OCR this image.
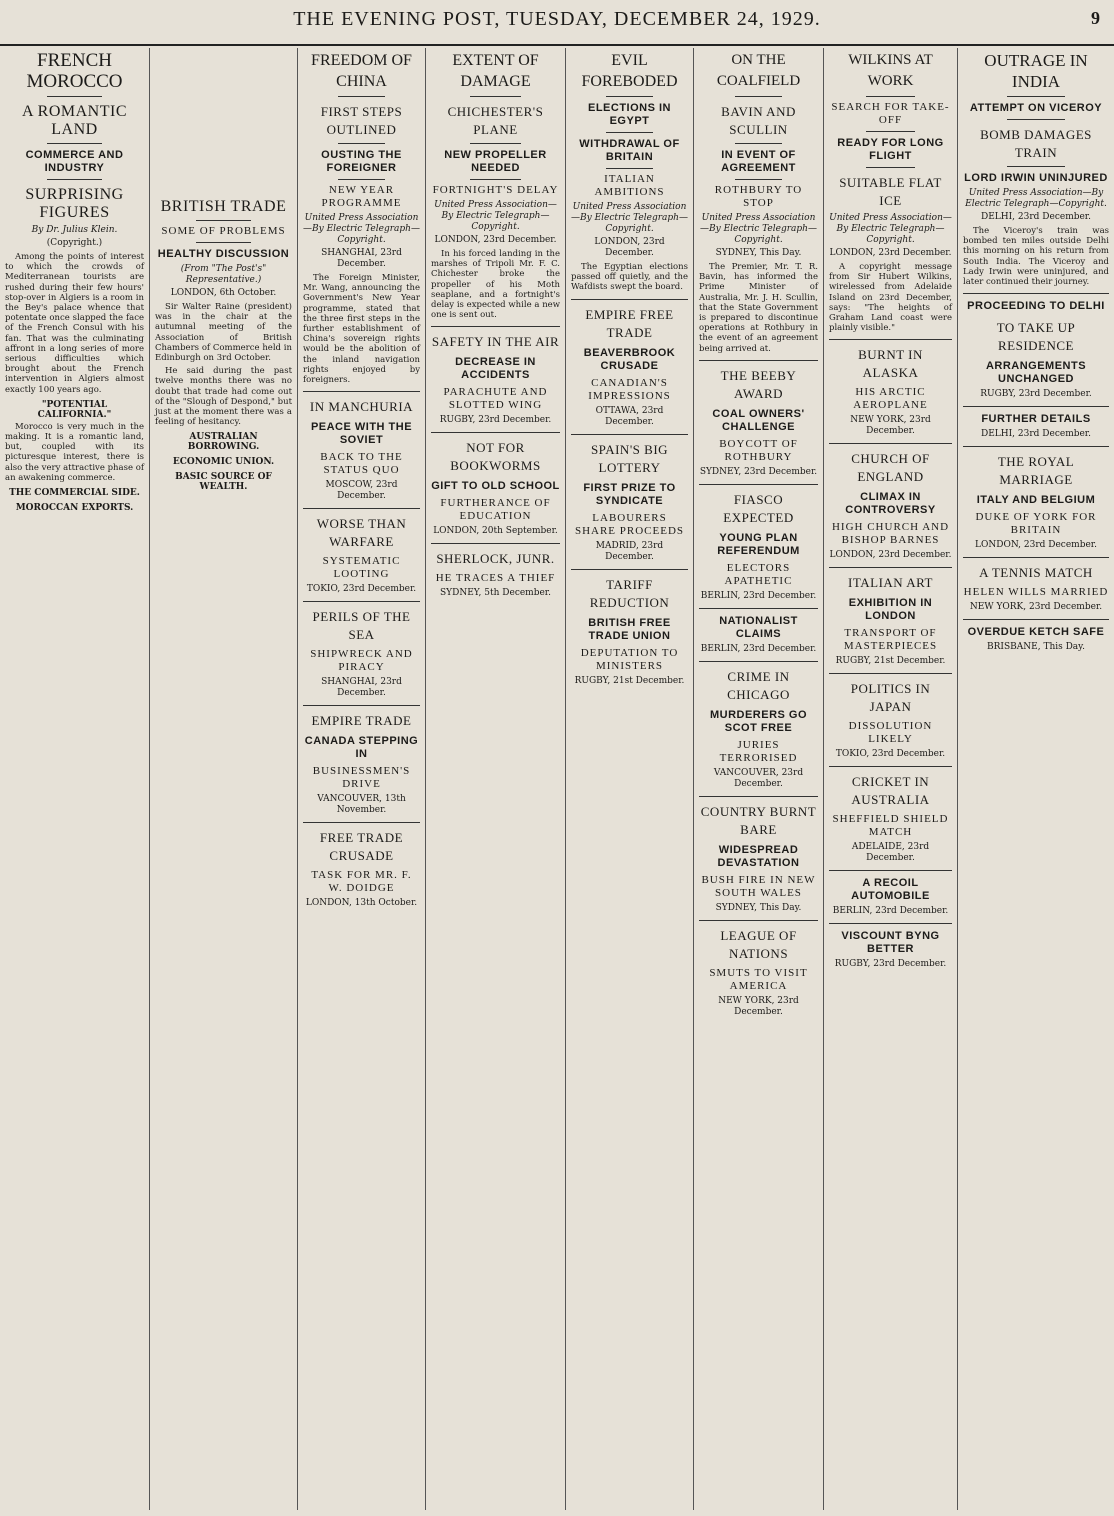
THE EVENING POST, TUESDAY, DECEMBER 24, 1929.	9
FRENCH MOROCCO
A ROMANTIC LAND
COMMERCE AND INDUSTRY
SURPRISING FIGURES
By Dr. Julius Klein.
(Copyright.)

Among the points of interest to which the crowds of Mediterranean tourists are rushed during their few hours' stop-over in Algiers is a room in the Bey's palace whence that potentate once slapped the face of the French Consul with his fan. That was the culminating affront in a long series of more serious difficulties which brought about the French intervention in Algiers almost exactly 100 years ago.

"POTENTIAL CALIFORNIA."

Morocco is very much in the making. It is a romantic land, but, coupled with its picturesque interest, there is also the very attractive phase of an awakening commerce.

THE COMMERCIAL SIDE.
MOROCCAN EXPORTS.
BRITISH TRADE
SOME OF PROBLEMS
HEALTHY DISCUSSION
(From "The Post's" Representative.)
LONDON, 6th October.

Sir Walter Raine (president) was in the chair at the autumnal meeting of the Association of British Chambers of Commerce held in Edinburgh on 3rd October.

He said during the past twelve months there was no doubt that trade had come out of the "Slough of Despond," but just at the moment there was a feeling of hesitancy.

AUSTRALIAN BORROWING.
ECONOMIC UNION.
BASIC SOURCE OF WEALTH.
FREEDOM OF CHINA
FIRST STEPS OUTLINED
OUSTING THE FOREIGNER
NEW YEAR PROGRAMME
United Press Association—By Electric Telegraph—Copyright.
SHANGHAI, 23rd December.

The Foreign Minister, Mr. Wang, announcing the Government's New Year programme, stated that the three first steps in the further establishment of China's sovereign rights would be the abolition of the inland navigation rights enjoyed by foreigners.

IN MANCHURIA
PEACE WITH THE SOVIET
BACK TO THE STATUS QUO
MOSCOW, 23rd December.
WORSE THAN WARFARE
SYSTEMATIC LOOTING
TOKIO, 23rd December.
PERILS OF THE SEA
SHIPWRECK AND PIRACY
SHANGHAI, 23rd December.
EMPIRE TRADE
CANADA STEPPING IN
BUSINESSMEN'S DRIVE
VANCOUVER, 13th November.
FREE TRADE CRUSADE
TASK FOR MR. F. W. DOIDGE
LONDON, 13th October.
EXTENT OF DAMAGE
CHICHESTER'S PLANE
NEW PROPELLER NEEDED
FORTNIGHT'S DELAY
United Press Association—By Electric Telegraph—Copyright.
LONDON, 23rd December.

In his forced landing in the marshes of Tripoli Mr. F. C. Chichester broke the propeller of his Moth seaplane, and a fortnight's delay is expected while a new one is sent out.

SAFETY IN THE AIR
DECREASE IN ACCIDENTS
PARACHUTE AND SLOTTED WING
RUGBY, 23rd December.
NOT FOR BOOKWORMS
GIFT TO OLD SCHOOL
FURTHERANCE OF EDUCATION
LONDON, 20th September.
SHERLOCK, JUNR.
HE TRACES A THIEF
SYDNEY, 5th December.
EVIL FOREBODED
ELECTIONS IN EGYPT
WITHDRAWAL OF BRITAIN
ITALIAN AMBITIONS
United Press Association—By Electric Telegraph—Copyright.
LONDON, 23rd December.

The Egyptian elections passed off quietly, and the Wafdists swept the board.

EMPIRE FREE TRADE
BEAVERBROOK CRUSADE
CANADIAN'S IMPRESSIONS
OTTAWA, 23rd December.
SPAIN'S BIG LOTTERY
FIRST PRIZE TO SYNDICATE
LABOURERS SHARE PROCEEDS
MADRID, 23rd December.
TARIFF REDUCTION
BRITISH FREE TRADE UNION
DEPUTATION TO MINISTERS
RUGBY, 21st December.
ON THE COALFIELD
BAVIN AND SCULLIN
IN EVENT OF AGREEMENT
ROTHBURY TO STOP
United Press Association—By Electric Telegraph—Copyright.
SYDNEY, This Day.

The Premier, Mr. T. R. Bavin, has informed the Prime Minister of Australia, Mr. J. H. Scullin, that the State Government is prepared to discontinue operations at Rothbury in the event of an agreement being arrived at.

THE BEEBY AWARD
COAL OWNERS' CHALLENGE
BOYCOTT OF ROTHBURY
SYDNEY, 23rd December.
FIASCO EXPECTED
YOUNG PLAN REFERENDUM
ELECTORS APATHETIC
BERLIN, 23rd December.
NATIONALIST CLAIMS
BERLIN, 23rd December.
CRIME IN CHICAGO
MURDERERS GO SCOT FREE
JURIES TERRORISED
VANCOUVER, 23rd December.
COUNTRY BURNT BARE
WIDESPREAD DEVASTATION
BUSH FIRE IN NEW SOUTH WALES
SYDNEY, This Day.
LEAGUE OF NATIONS
SMUTS TO VISIT AMERICA
NEW YORK, 23rd December.
WILKINS AT WORK
SEARCH FOR TAKE-OFF
READY FOR LONG FLIGHT
SUITABLE FLAT ICE
United Press Association—By Electric Telegraph—Copyright.
LONDON, 23rd December.

A copyright message from Sir Hubert Wilkins, wirelessed from Adelaide Island on 23rd December, says: "The heights of Graham Land coast were plainly visible."

BURNT IN ALASKA
HIS ARCTIC AEROPLANE
NEW YORK, 23rd December.
CHURCH OF ENGLAND
CLIMAX IN CONTROVERSY
HIGH CHURCH AND BISHOP BARNES
LONDON, 23rd December.
ITALIAN ART
EXHIBITION IN LONDON
TRANSPORT OF MASTERPIECES
RUGBY, 21st December.
POLITICS IN JAPAN
DISSOLUTION LIKELY
TOKIO, 23rd December.
CRICKET IN AUSTRALIA
SHEFFIELD SHIELD MATCH
ADELAIDE, 23rd December.
A RECOIL AUTOMOBILE
BERLIN, 23rd December.
VISCOUNT BYNG BETTER
RUGBY, 23rd December.
OUTRAGE IN INDIA
ATTEMPT ON VICEROY
BOMB DAMAGES TRAIN
LORD IRWIN UNINJURED
United Press Association—By Electric Telegraph—Copyright.
DELHI, 23rd December.

The Viceroy's train was bombed ten miles outside Delhi this morning on his return from South India. The Viceroy and Lady Irwin were uninjured, and later continued their journey.

PROCEEDING TO DELHI
TO TAKE UP RESIDENCE
ARRANGEMENTS UNCHANGED
RUGBY, 23rd December.
FURTHER DETAILS
DELHI, 23rd December.
THE ROYAL MARRIAGE
ITALY AND BELGIUM
DUKE OF YORK FOR BRITAIN
LONDON, 23rd December.
A TENNIS MATCH
HELEN WILLS MARRIED
NEW YORK, 23rd December.
OVERDUE KETCH SAFE
BRISBANE, This Day.
